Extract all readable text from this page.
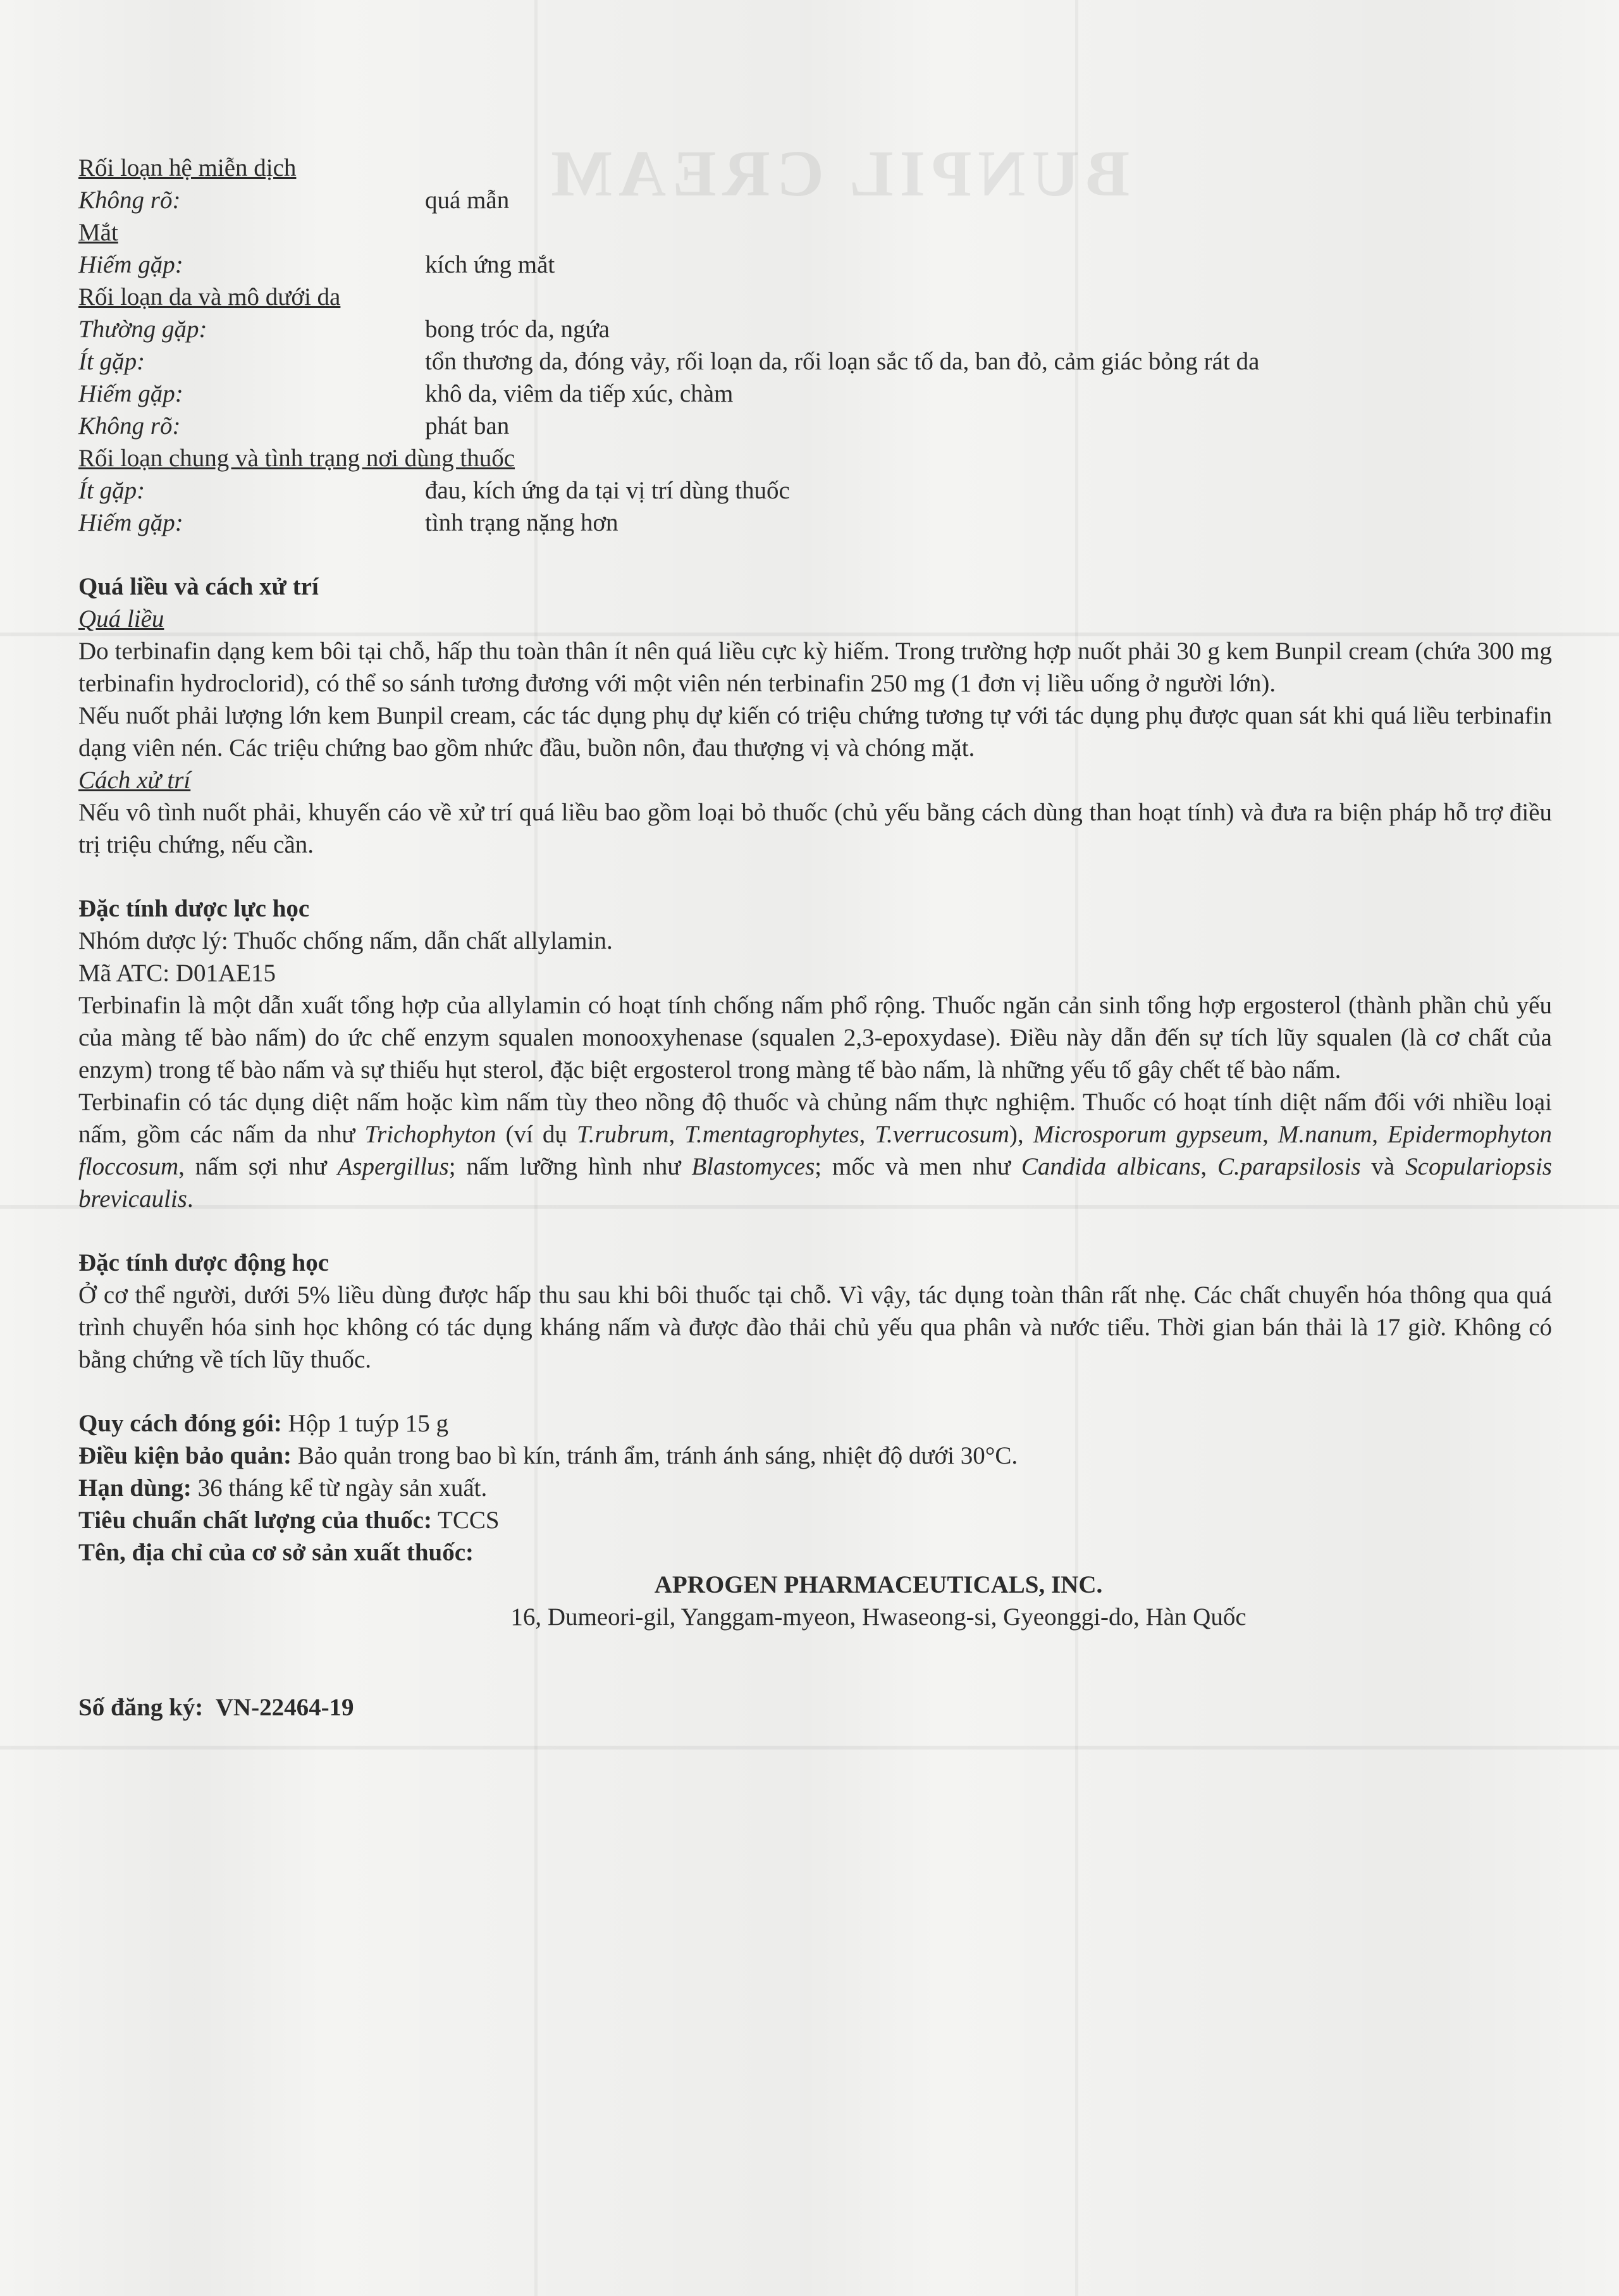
BUNPIL CREAM
Rối loạn hệ miễn dịch
Không rõ:	quá mẫn
Mắt
Hiếm gặp:	kích ứng mắt
Rối loạn da và mô dưới da
Thường gặp:	bong tróc da, ngứa
Ít gặp:	tổn thương da, đóng vảy, rối loạn da, rối loạn sắc tố da, ban đỏ, cảm giác bỏng rát da
Hiếm gặp:	khô da, viêm da tiếp xúc, chàm
Không rõ:	phát ban
Rối loạn chung và tình trạng nơi dùng thuốc
Ít gặp:	đau, kích ứng da tại vị trí dùng thuốc
Hiếm gặp:	tình trạng nặng hơn
Quá liều và cách xử trí
Quá liều
Do terbinafin dạng kem bôi tại chỗ, hấp thu toàn thân ít nên quá liều cực kỳ hiếm. Trong trường hợp nuốt phải 30 g kem Bunpil cream (chứa 300 mg terbinafin hydroclorid), có thể so sánh tương đương với một viên nén terbinafin 250 mg (1 đơn vị liều uống ở người lớn).
Nếu nuốt phải lượng lớn kem Bunpil cream, các tác dụng phụ dự kiến có triệu chứng tương tự với tác dụng phụ được quan sát khi quá liều terbinafin dạng viên nén. Các triệu chứng bao gồm nhức đầu, buồn nôn, đau thượng vị và chóng mặt.
Cách xử trí
Nếu vô tình nuốt phải, khuyến cáo về xử trí quá liều bao gồm loại bỏ thuốc (chủ yếu bằng cách dùng than hoạt tính) và đưa ra biện pháp hỗ trợ điều trị triệu chứng, nếu cần.
Đặc tính dược lực học
Nhóm dược lý: Thuốc chống nấm, dẫn chất allylamin.
Mã ATC: D01AE15
Terbinafin là một dẫn xuất tổng hợp của allylamin có hoạt tính chống nấm phổ rộng. Thuốc ngăn cản sinh tổng hợp ergosterol (thành phần chủ yếu của màng tế bào nấm) do ức chế enzym squalen monooxyhenase (squalen 2,3-epoxydase). Điều này dẫn đến sự tích lũy squalen (là cơ chất của enzym) trong tế bào nấm và sự thiếu hụt sterol, đặc biệt ergosterol trong màng tế bào nấm, là những yếu tố gây chết tế bào nấm.
Terbinafin có tác dụng diệt nấm hoặc kìm nấm tùy theo nồng độ thuốc và chủng nấm thực nghiệm. Thuốc có hoạt tính diệt nấm đối với nhiều loại nấm, gồm các nấm da như Trichophyton (ví dụ T.rubrum, T.mentagrophytes, T.verrucosum), Microsporum gypseum, M.nanum, Epidermophyton floccosum, nấm sợi như Aspergillus; nấm lưỡng hình như Blastomyces; mốc và men như Candida albicans, C.parapsilosis và Scopulariopsis brevicaulis.
Đặc tính dược động học
Ở cơ thể người, dưới 5% liều dùng được hấp thu sau khi bôi thuốc tại chỗ. Vì vậy, tác dụng toàn thân rất nhẹ. Các chất chuyển hóa thông qua quá trình chuyển hóa sinh học không có tác dụng kháng nấm và được đào thải chủ yếu qua phân và nước tiểu. Thời gian bán thải là 17 giờ. Không có bằng chứng về tích lũy thuốc.
Quy cách đóng gói: Hộp 1 tuýp 15 g
Điều kiện bảo quản: Bảo quản trong bao bì kín, tránh ẩm, tránh ánh sáng, nhiệt độ dưới 30°C.
Hạn dùng: 36 tháng kể từ ngày sản xuất.
Tiêu chuẩn chất lượng của thuốc: TCCS
Tên, địa chỉ của cơ sở sản xuất thuốc:
APROGEN PHARMACEUTICALS, INC.
16, Dumeori-gil, Yanggam-myeon, Hwaseong-si, Gyeonggi-do, Hàn Quốc
Số đăng ký: VN-22464-19
